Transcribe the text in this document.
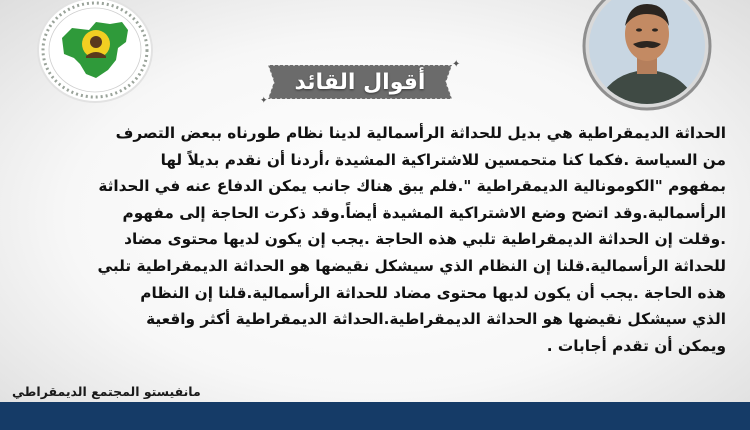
✦
✦
أقوال القائد
الحداثة الديمقراطية هي بديل للحداثة الرأسمالية لدينا نظام طورناه ببعض التصرف
من السياسة .فكما كنا متحمسين للاشتراكية المشيدة ،أردنا أن نقدم بديلاً لها
بمفهوم "الكومونالية الديمقراطية ".فلم يبق هناك جانب يمكن الدفاع عنه في الحداثة
الرأسمالية.وقد اتضح وضع الاشتراكية المشيدة أيضاً.وقد ذكرت الحاجة إلى مفهوم
.وقلت إن الحداثة الديمقراطية تلبي هذه الحاجة .يجب إن يكون لديها محتوى مضاد
للحداثة الرأسمالية.قلنا إن النظام الذي سيشكل نقيضها هو الحداثة الديمقراطية تلبي
هذه الحاجة .يجب أن يكون لديها محتوى مضاد للحداثة الرأسمالية.قلنا إن النظام
الذي سيشكل نقيضها هو الحداثة الديمقراطية.الحداثة الديمقراطية أكثر واقعية
ويمكن أن تقدم أجابات .
مانفيستو المجتمع الديمقراطي
